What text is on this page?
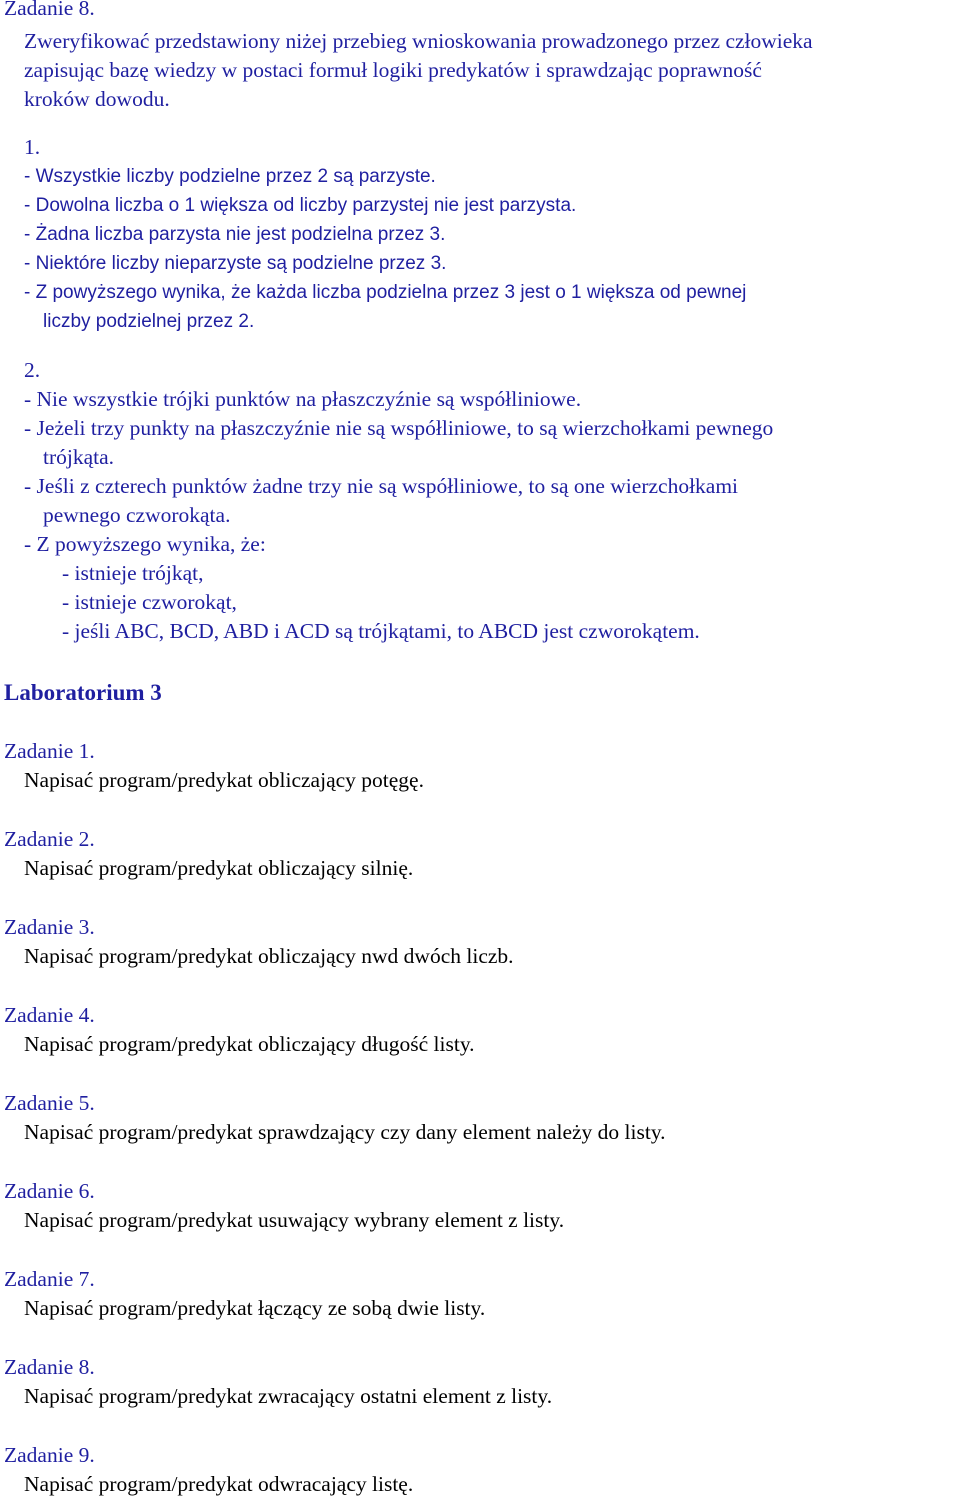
Zadanie 8.
Zweryfikować przedstawiony niżej przebieg wnioskowania prowadzonego przez człowieka
zapisując bazę wiedzy w postaci formuł logiki predykatów i sprawdzając poprawność
kroków dowodu.
1.
- Wszystkie liczby podzielne przez 2 są parzyste.
- Dowolna liczba o 1 większa od liczby parzystej nie jest parzysta.
- Żadna liczba parzysta nie jest podzielna przez 3.
- Niektóre liczby nieparzyste są podzielne przez 3.
- Z powyższego wynika, że każda liczba podzielna przez 3 jest o 1 większa od pewnej
liczby podzielnej przez 2.
2.
- Nie wszystkie trójki punktów na płaszczyźnie są współliniowe.
- Jeżeli trzy punkty na płaszczyźnie nie są współliniowe, to są wierzchołkami pewnego
trójkąta.
- Jeśli z czterech punktów żadne trzy nie są współliniowe, to są one wierzchołkami
pewnego czworokąta.
- Z powyższego wynika, że:
- istnieje trójkąt,
- istnieje czworokąt,
- jeśli ABC, BCD, ABD i ACD są trójkątami, to ABCD jest czworokątem.
Laboratorium 3
Zadanie 1.
Napisać program/predykat obliczający potęgę.
Zadanie 2.
Napisać program/predykat obliczający silnię.
Zadanie 3.
Napisać program/predykat obliczający nwd dwóch liczb.
Zadanie 4.
Napisać program/predykat obliczający długość listy.
Zadanie 5.
Napisać program/predykat sprawdzający czy dany element należy do listy.
Zadanie 6.
Napisać program/predykat usuwający wybrany element z listy.
Zadanie 7.
Napisać program/predykat łączący ze sobą dwie listy.
Zadanie 8.
Napisać program/predykat zwracający ostatni element z listy.
Zadanie 9.
Napisać program/predykat odwracający listę.
